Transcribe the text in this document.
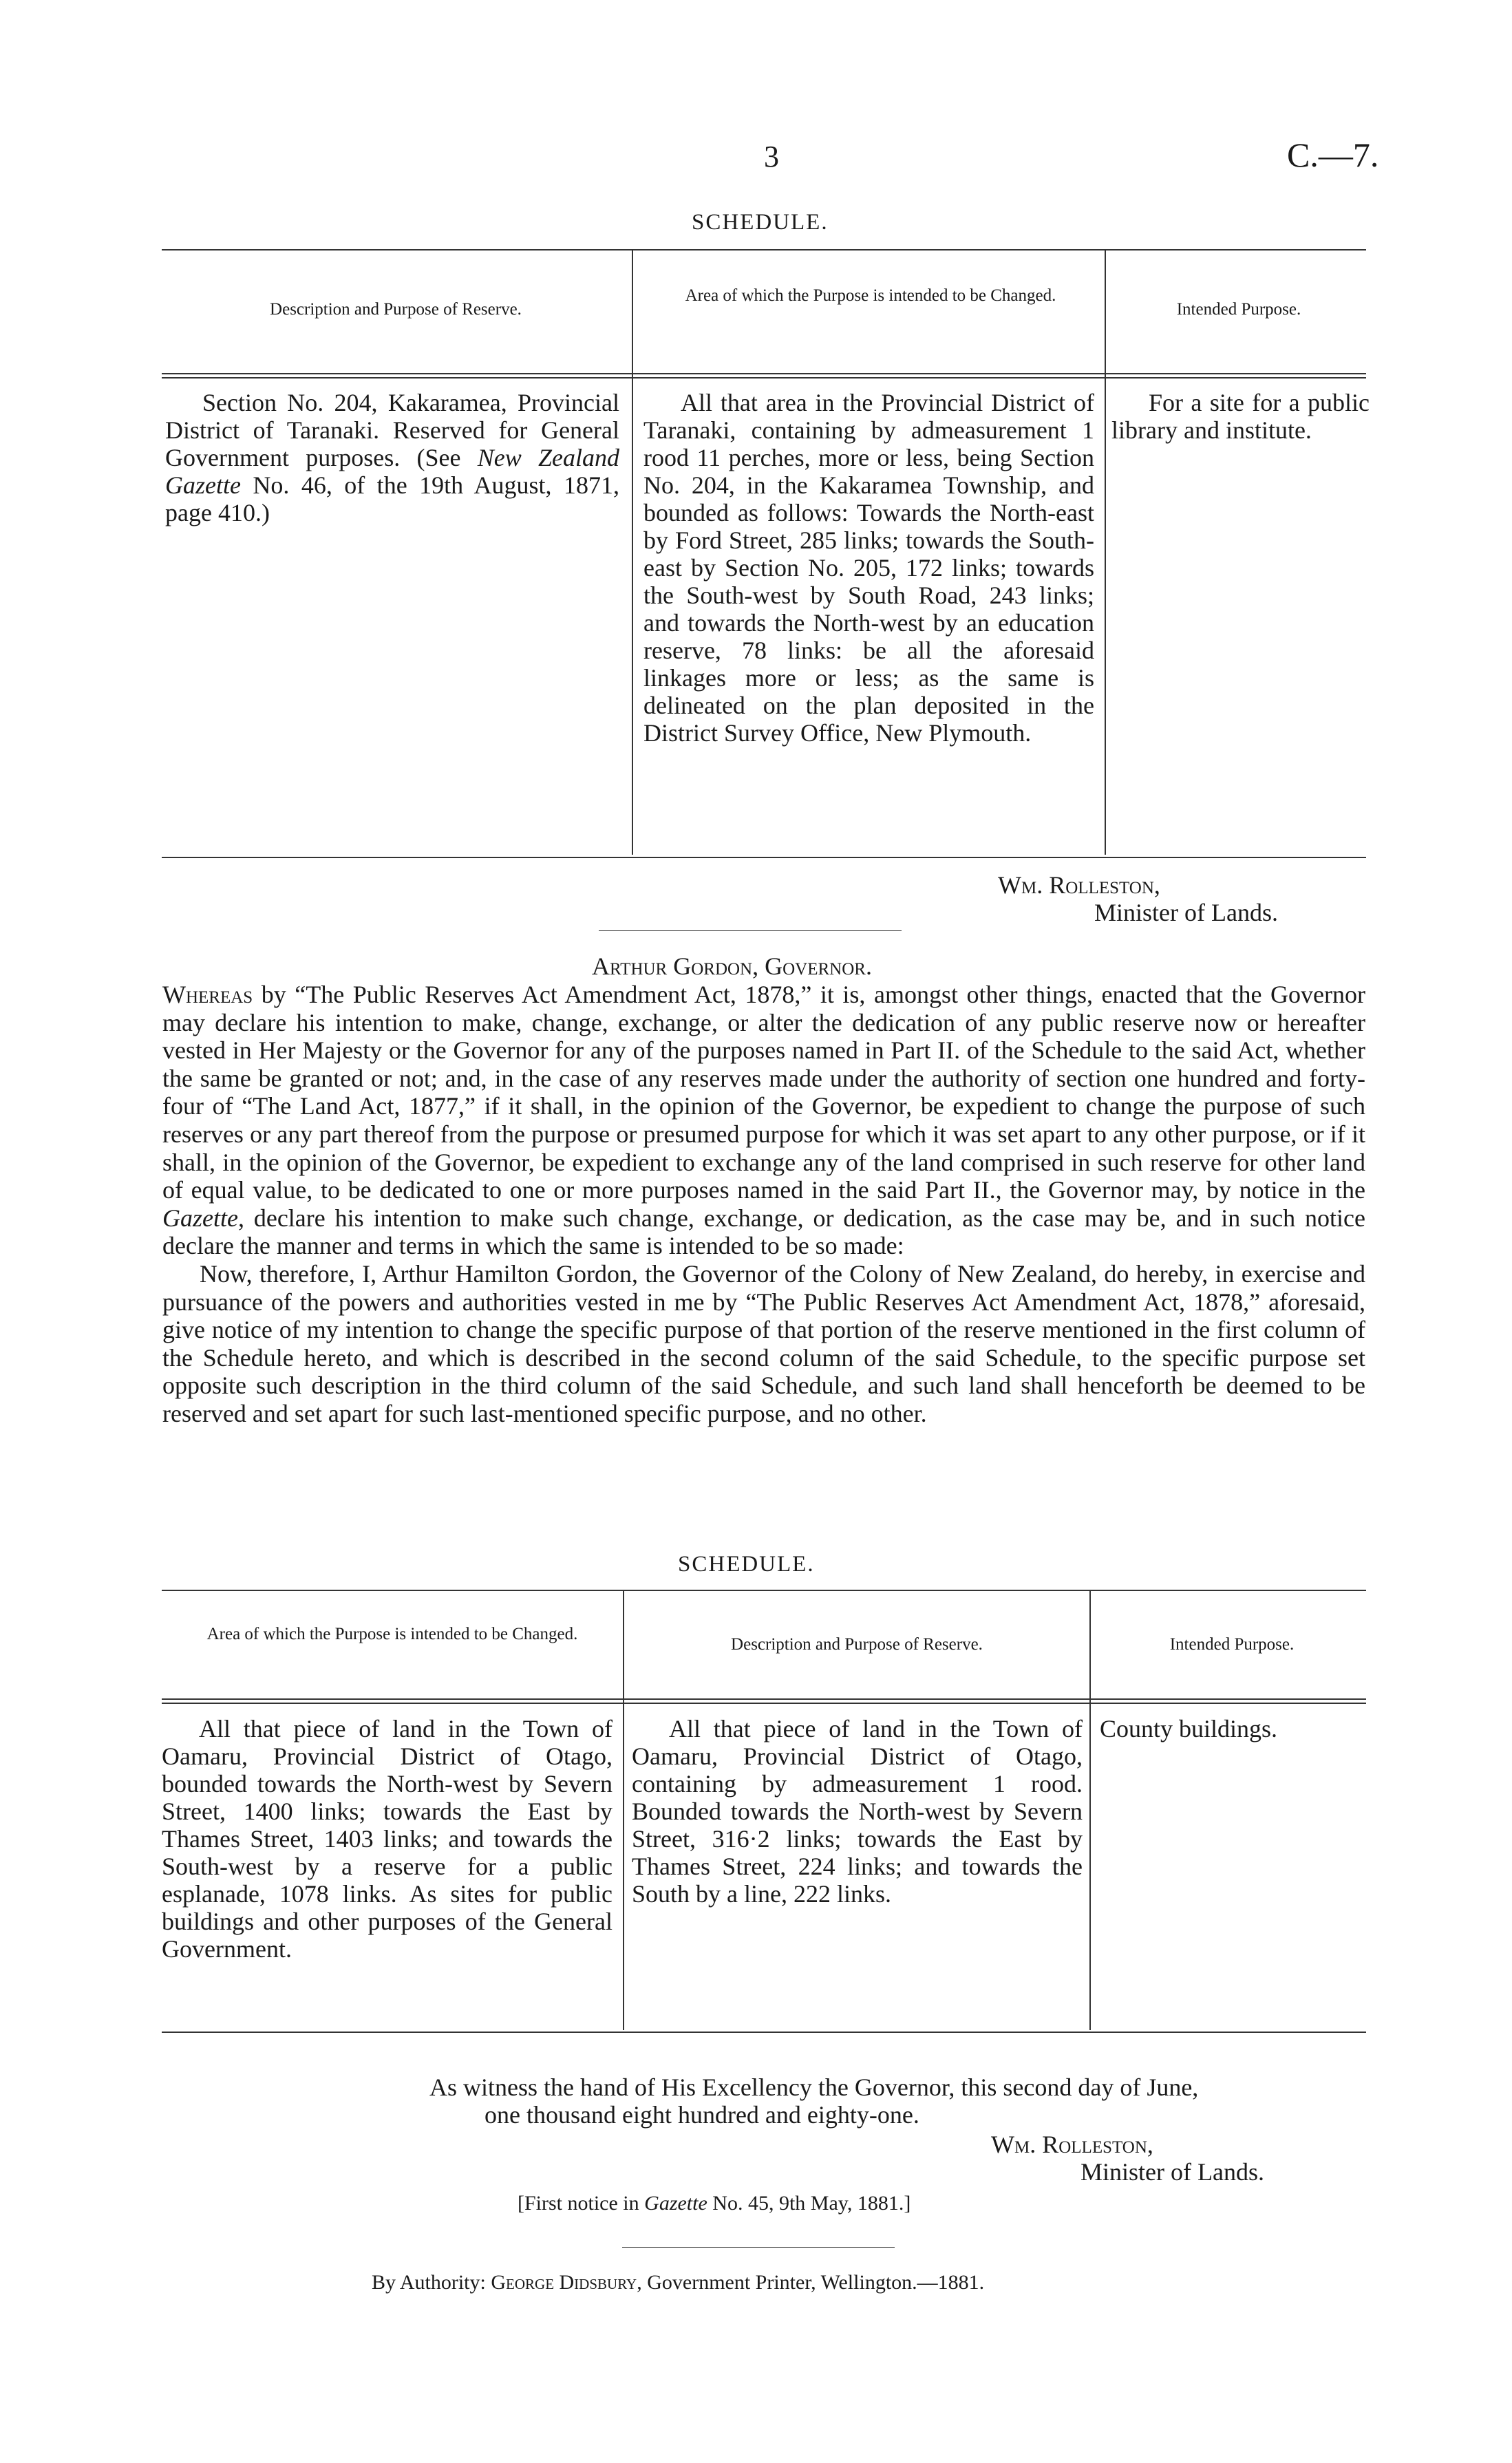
3	C.—7.
SCHEDULE.
Description and Purpose of Reserve.
Area of which the Purpose is intended to be Changed.
Intended Purpose.
Section No. 204, Kakaramea, Provincial District of Taranaki. Reserved for General Government purposes. (See New Zealand Gazette No. 46, of the 19th August, 1871, page 410.)
All that area in the Provincial District of Taranaki, containing by admeasurement 1 rood 11 perches, more or less, being Section No. 204, in the Kakaramea Township, and bounded as follows: Towards the North-east by Ford Street, 285 links; towards the South-east by Section No. 205, 172 links; towards the South-west by South Road, 243 links; and towards the North-west by an education reserve, 78 links: be all the aforesaid linkages more or less; as the same is delineated on the plan deposited in the District Survey Office, New Plymouth.
For a site for a public library and institute.
Wm. Rolleston,
Minister of Lands.
Arthur Gordon, Governor.

Whereas by “The Public Reserves Act Amendment Act, 1878,” it is, amongst other things, enacted that the Governor may declare his intention to make, change, exchange, or alter the dedication of any public reserve now or hereafter vested in Her Majesty or the Governor for any of the purposes named in Part II. of the Schedule to the said Act, whether the same be granted or not; and, in the case of any reserves made under the authority of section one hundred and forty-four of “The Land Act, 1877,” if it shall, in the opinion of the Governor, be expedient to change the purpose of such reserves or any part thereof from the purpose or presumed purpose for which it was set apart to any other purpose, or if it shall, in the opinion of the Governor, be expedient to exchange any of the land comprised in such reserve for other land of equal value, to be dedicated to one or more purposes named in the said Part II., the Governor may, by notice in the Gazette, declare his intention to make such change, exchange, or dedication, as the case may be, and in such notice declare the manner and terms in which the same is intended to be so made:

Now, therefore, I, Arthur Hamilton Gordon, the Governor of the Colony of New Zealand, do hereby, in exercise and pursuance of the powers and authorities vested in me by “The Public Reserves Act Amendment Act, 1878,” aforesaid, give notice of my intention to change the specific purpose of that portion of the reserve mentioned in the first column of the Schedule hereto, and which is described in the second column of the said Schedule, to the specific purpose set opposite such description in the third column of the said Schedule, and such land shall henceforth be deemed to be reserved and set apart for such last-mentioned specific purpose, and no other.

SCHEDULE.
Area of which the Purpose is intended to be Changed.
Description and Purpose of Reserve.	Intended Purpose.
All that piece of land in the Town of Oamaru, Provincial District of Otago, bounded towards the North-west by Severn Street, 1400 links; towards the East by Thames Street, 1403 links; and towards the South-west by a reserve for a public esplanade, 1078 links. As sites for public buildings and other purposes of the General Government.
All that piece of land in the Town of Oamaru, Provincial District of Otago, containing by admeasurement 1 rood. Bounded towards the North-west by Severn Street, 316·2 links; towards the East by Thames Street, 224 links; and towards the South by a line, 222 links.
County buildings.
As witness the hand of His Excellency the Governor, this second day of June,
one thousand eight hundred and eighty-one.
Wm. Rolleston,
Minister of Lands.
[First notice in Gazette No. 45, 9th May, 1881.]
By Authority: George Didsbury, Government Printer, Wellington.—1881.
